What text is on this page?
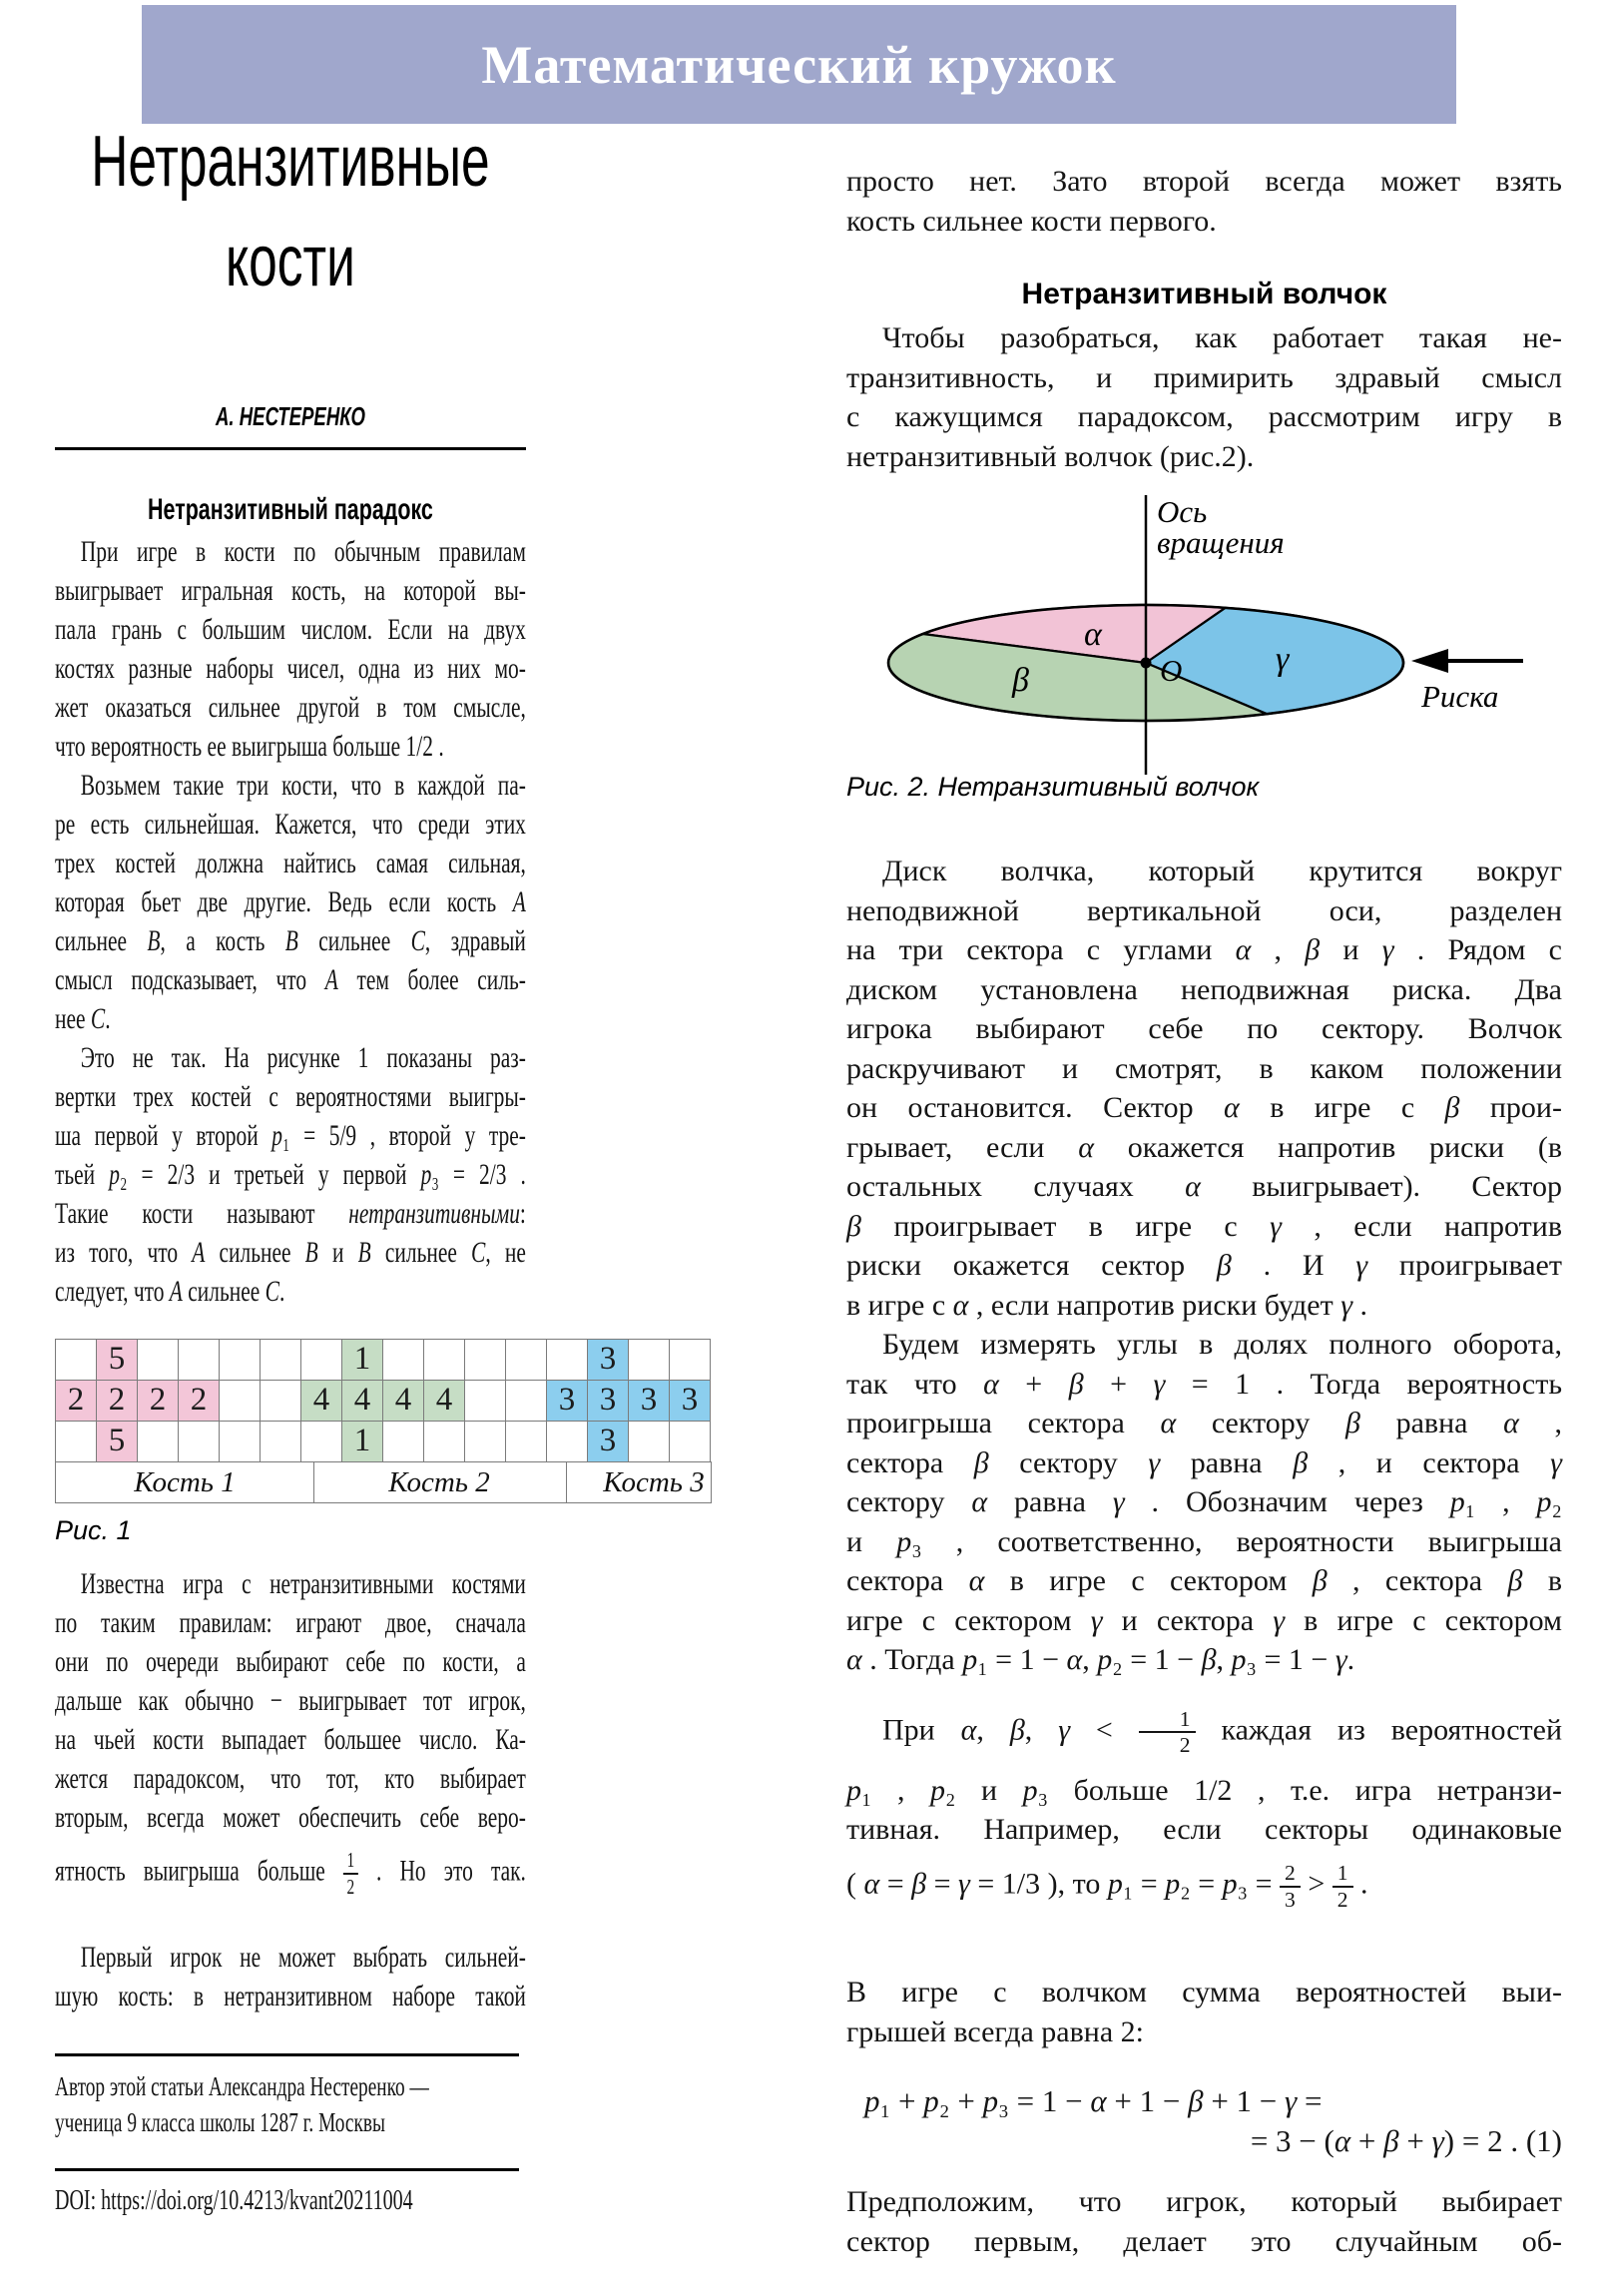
Математический кружок
Нетранзитивные
кости
А. НЕСТЕРЕНКО
Нетранзитивный парадокс
При игре в кости по обычным правилам
выигрывает игральная кость, на которой вы-
пала грань с большим числом. Если на двух
костях разные наборы чисел, одна из них мо-
жет оказаться сильнее другой в том смысле,
что вероятность ее выигрыша больше 1/2 .
Возьмем такие три кости, что в каждой па-
ре есть сильнейшая. Кажется, что среди этих
трех костей должна найтись самая сильная,
которая бьет две другие. Ведь если кость A
сильнее B, а кость B сильнее C, здравый
смысл подсказывает, что A тем более силь-
нее C.
Это не так. На рисунке 1 показаны раз-
вертки трех костей с вероятностями выигры-
ша первой у второй p₁ = 5/9 , второй у тре-
тьей p₂ = 2/3 и третьей у первой p₃ = 2/3 .
Такие кости называют нетранзитивными:
из того, что A сильнее B и B сильнее C, не
следует, что A сильнее C.
5
2 2 2 2
5
1
4 4 4 4
1
3
3 3 3 3
3
Кость 1	Кость 2	Кость 3
Рис. 1
Известна игра с нетранзитивными костями
по таким правилам: играют двое, сначала
они по очереди выбирают себе по кости, а
дальше как обычно − выигрывает тот игрок,
на чьей кости выпадает большее число. Ка-
жется парадоксом, что тот, кто выбирает
вторым, всегда может обеспечить себе веро-
ятность выигрыша больше $\frac{1}{2}$ . Но это так.
Первый игрок не может выбрать сильней-
шую кость: в нетранзитивном наборе такой
Автор этой статьи Александра Нестеренко —
ученица 9 класса школы 1287 г. Москвы
DOI: https://doi.org/10.4213/kvant20211004
просто нет. Зато второй всегда может взять
кость сильнее кости первого.
Нетранзитивный волчок
Чтобы разобраться, как работает такая не-
транзитивность, и примирить здравый смысл
с кажущимся парадоксом, рассмотрим игру в
нетранзитивный волчок (рис.2).
Ось
вращения
α
β
γ
O
Риска
Рис. 2. Нетранзитивный волчок
Диск волчка, который крутится вокруг
неподвижной вертикальной оси, разделен
на три сектора с углами α , β и γ . Рядом с
диском установлена неподвижная риска. Два
игрока выбирают себе по сектору. Волчок
раскручивают и смотрят, в каком положении
он остановится. Сектор α в игре с β прои-
грывает, если α окажется напротив риски (в
остальных случаях α выигрывает). Сектор
β проигрывает в игре с γ , если напротив
риски окажется сектор β . И γ проигрывает
в игре с α , если напротив риски будет γ .
Будем измерять углы в долях полного оборота,
так что α + β + γ = 1 . Тогда вероятность
проигрыша сектора α сектору β равна α ,
сектора β сектору γ равна β , и сектора γ
сектору α равна γ . Обозначим через p₁ , p₂
и p₃ , соответственно, вероятности выигрыша
сектора α в игре с сектором β , сектора β в
игре с сектором γ и сектора γ в игре с сектором
α . Тогда p₁ = 1 − α, p₂ = 1 − β, p₃ = 1 − γ.
При α, β, $\gamma < \frac{1}{2}$ каждая из вероятностей
p₁ , p₂ и p₃ больше 1/2 , т.е. игра нетранзи-
тивная. Например, если секторы одинаковые
( α = β = γ = 1/3 ), то $p_1 = p_2 = p_3 = \frac{2}{3} > \frac{1}{2}$ .
В игре с волчком сумма вероятностей выи-
грышей всегда равна 2:
p₁ + p₂ + p₃ = 1 − α + 1 − β + 1 − γ =
= 3 − (α + β + γ) = 2 . (1)
Предположим, что игрок, который выбирает
сектор первым, делает это случайным об-
